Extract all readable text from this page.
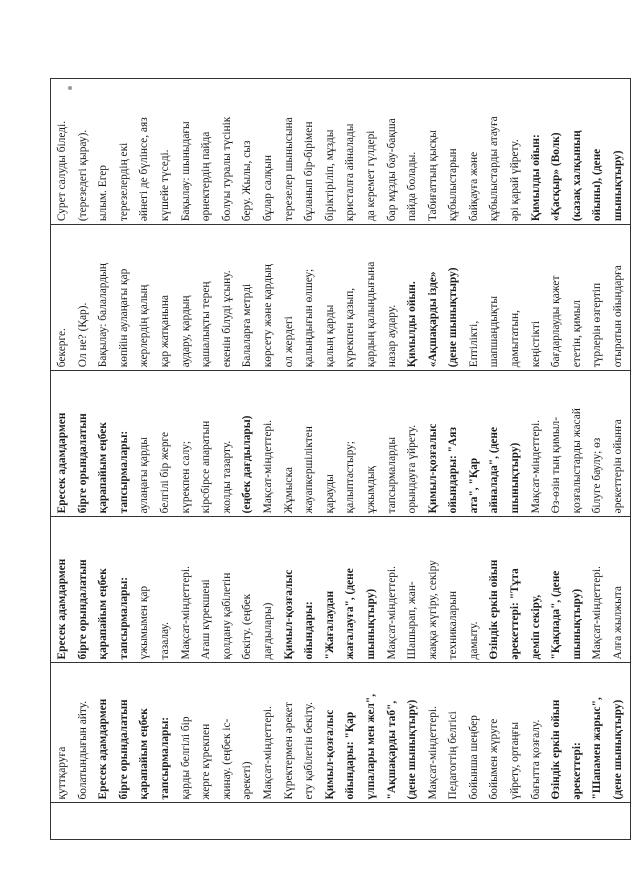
қуттқаруға болатындығын айту. Ересек адамдармен бірге орындалатын қарапайым еңбек тапсырмалары: қарды белгілі бір жерге күрекпен жинау. (еңбек іс- әрекеті) Мақсат-міндеттері. Күректермен әрекет ету қабілетін бекіту. Қимыл-қозғалыс ойындары: "Қар үлпалары мен жел", "Ақшақарды таб", (дене шынықтыру) Мақсат-міндеттері. Педагогтің белгісі бойынша шеңбер бойымен жүруге үйрету, ортаңғы бағытта қозғалу. Өзіндік еркін ойын әрекеттері: "Шапамен жарыс", (дене шынықтыру)

Ересек адамдармен бірге орындалатын қарапайым еңбек тапсырмалары: үжымымен қар тазалау. Мақсат-міндеттері. Ағаш күрекшені қолдану қабілетін бекіту. (еңбек дағдылары) Қимыл-қозғалыс ойындары: "Жағалаудан жағалауға", (дене шынықтыру) Мақсат-міндеттері. Шашырап, жан- жаққа жүгіру, секіру техникаларын дамыту. Өзіндік еркін ойын әрекеттері: "Тұта деміп секіру, "Қақпада", (дене шынықтыру) Мақсат-міндеттері. Алға жылжыта

Ересек адамдармен бірге орындалатын қарапайым еңбек тапсырмалары: аулаңағы қарды белгілі бір жерге күрекпен салу; кірсбірсе апаратын жолды тазарту. (еңбек дағдылары) Мақсат-міндеттері. Жұмыска жауапкершіліктен қарауды қалыптастыру; ұжымдық тапсырмаларды орындауға үйрету. Қимыл-қозғалыс ойындары: "Аяз ата", "Қар айналада", (дене шынықтыру) Мақсат-міндеттері. Өз-өзін тың қимыл- қозғалыстарды жасай білуге баулу; өз әрекеттерін ойынға

бекерге. Ол не? (Қар). Бақылау: балалардың көпйін аулаңағы қар жерлердің қалың қар жатқанына аудару, қардың қашалықты терең екенін білуді ұсыну. Балаларға метрді көрсету және қардың ол жердегі қалыңдығын өлшеу; қалың қарды күрекпен қазып, қардың қалыңдығына назар аудару. Қимылды ойын. «Ақшақарды ізде» (дене шынықтыру) Ептілікті, шапшаңдықты дамытатын, кеңістікті бағдарлауды қажет ететін, қимыл түрлерін өзгертіп отыратын ойындарға

Сурет салуды біледі. (терезедегі қырау). ылым. Егер терезелердің екі әйнегі де бүлінсе, аяз күшейе түседі. Бақылау: шыныдағы өрнектердің пайда болуы туралы түсінік беру. Жылы, сыз бұлар салқын терезелер шынысына бұланып бір-бірімен біріктіріліп, мұзды кристалға айналады да керемет гүлдері бар мұзды бау-бақша пайда болады. Табиғаттың қысқы құбылыстарын байқауға және құбылыстарды атауға әрі қарай үйрету. Қимылды ойын: «Қасқыр» (Волк) (казақ халқының ойыны), (дене шынықтыру)
